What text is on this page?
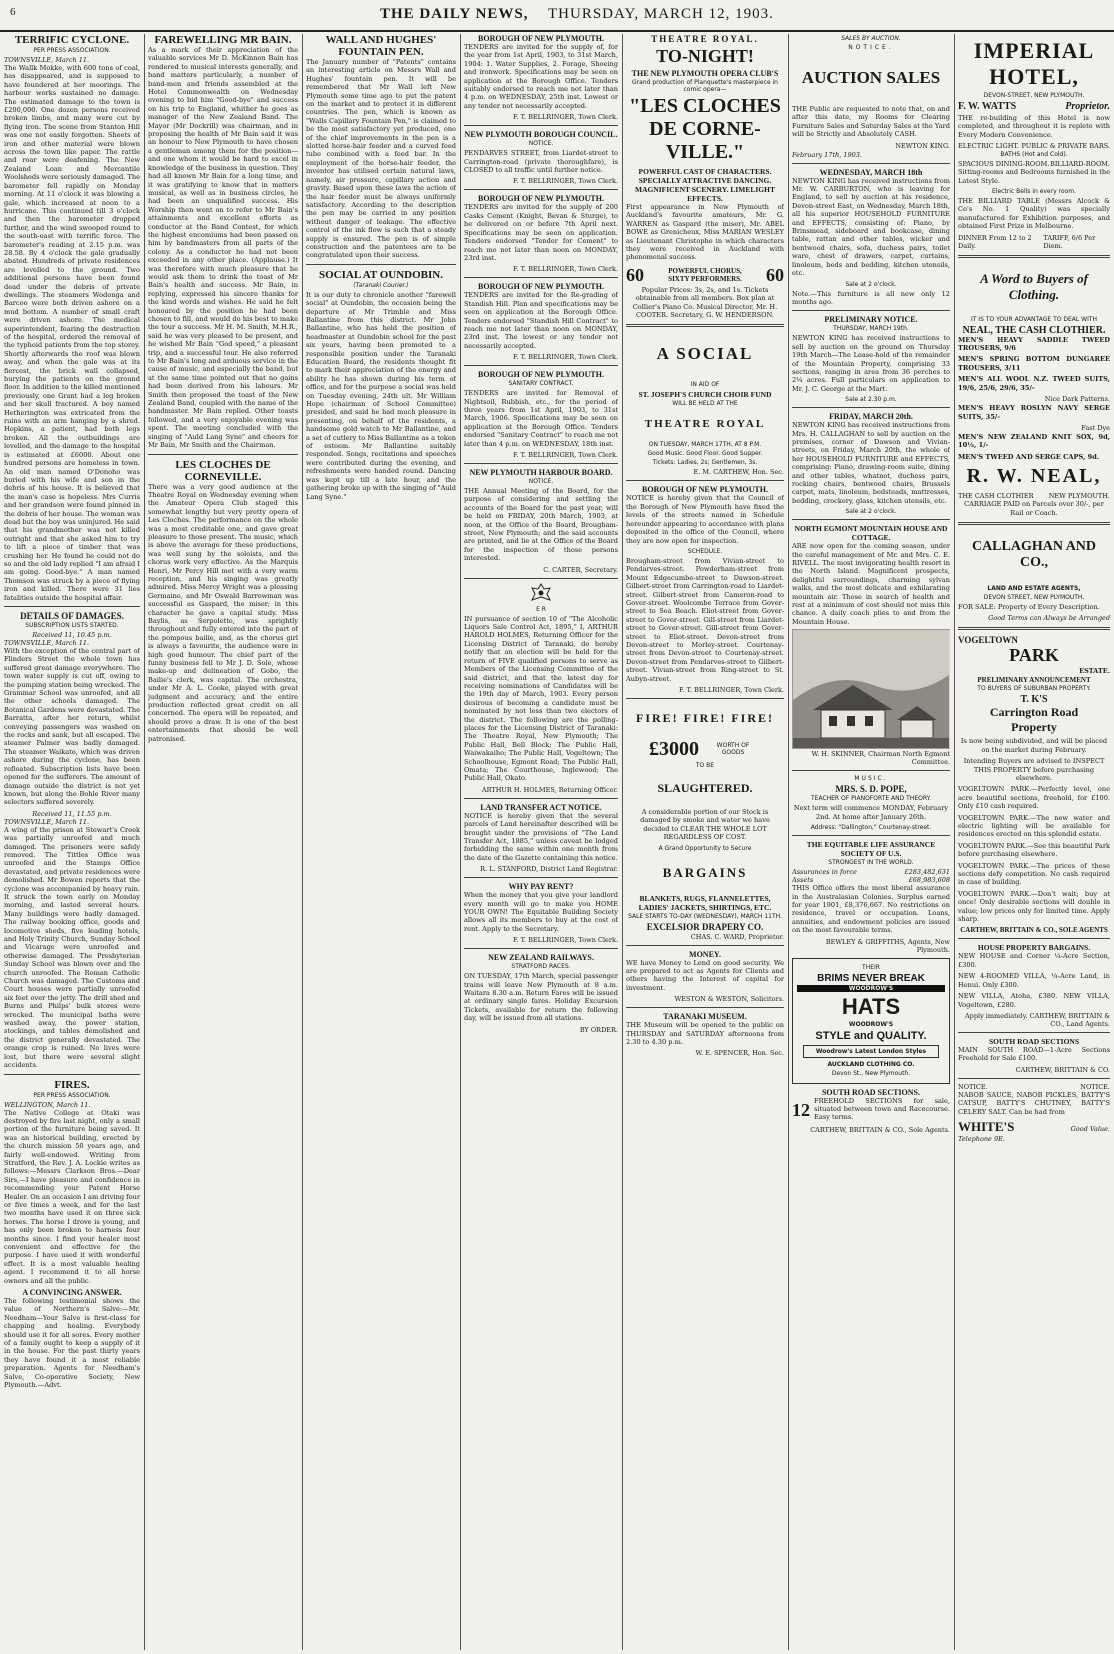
6	THE DAILY NEWS, THURSDAY, MARCH 12, 1903.

TERRIFIC CYCLONE.

PER PRESS ASSOCIATION.

TOWNSVILLE, March 11.

The Wallk Mokke, with 600 tons of coal, has disappeared, and is supposed to have foundered at her moorings. The harbour works sustained no damage. The estimated damage to the town is £200,000. One dozen persons received broken limbs, and many were cut by flying iron. The scene from Stanton Hill was one not easily forgotten. Sheets of iron and other material were blown across the town like paper. The rattle and roar were deafening. The New Zealand Loan and Mercantile Woolsheds were seriously damaged. The barometer fell rapidly on Monday morning. At 11 o'clock it was blowing a gale, which increased at noon to a hurricane. This continued till 3 o'clock and then the barometer dropped further, and the wind swooped round to the south-east with terrific force. The barometer's reading at 2.15 p.m. was 28.58. By 4 o'clock the gale gradually abated. Hundreds of private residences are levelled to the ground. Two additional persons have been found dead under the debris of private dwellings. The steamers Wodonga and Barcoo were both driven ashore on a mud bottom. A number of small craft were driven ashore. The medical superintendent, fearing the destruction of the hospital, ordered the removal of the typhoid patients from the top storey. Shortly afterwards the roof was blown away, and when the gale was at its fiercest, the brick wall collapsed, burying the patients on the ground floor. In addition to the killed mentioned previously, one Grant had a leg broken and her skull fractured. A boy named Hetherington was extricated from the ruins with an arm hanging by a shred. Hopkins, a patient, had both legs broken. All the outbuildings are levelled, and the damage to the hospital is estimated at £6000. About one hundred persons are homeless in town. An old man named O'Donoho was buried with his wife and son in the debris of his house. It is believed that the man's case is hopeless. Mrs Curris and her grandson were found pinned in the debris of her house. The woman was dead but the boy was uninjured. He said that his grandmother was not killed outright and that she asked him to try to lift a piece of timber that was crushing her. He found he could not do so and the old lady replied "I am afraid I am going. Good-bye." A man named Thomson was struck by a piece of flying iron and killed. There were 31 lies fatalities outside the hospital affair.

DETAILS OF DAMAGES.

SUBSCRIPTION LISTS STARTED.

Received 11, 10.45 p.m.

TOWNSVILLE, March 11.

With the exception of the central part of Flinders Street the whole town has suffered great damage everywhere. The town water supply is cut off, owing to the pumping station being wrecked. The Grammar School was unroofed, and all the other schools damaged. The Botanical Gardens were devastated. The Barratta, after her return, whilst conveying passengers was washed on the rocks and sank, but all escaped. The steamer Palmer was badly damaged. The steamer Waikato, which was driven ashore during the cyclone, has been refloated. Subscription lists have been opened for the sufferers. The amount of damage outside the district is not yet known, but along the Bohle River many selectors suffered severely.

Received 11, 11.55 p.m.

TOWNSVILLE, March 11.

A wing of the prison at Stewart's Creek was partially unroofed and much damaged. The prisoners were safely removed. The Tittles Office was unroofed and the Stamps Office devastated, and private residences were demolished. Mr Bowen reports that the cyclone was accompanied by heavy rain. It struck the town early on Monday morning, and lasted several hours. Many buildings were badly damaged. The railway booking office, goods and locomotive sheds, five leading hotels, and Holy Trinity Church, Sunday School and Vicarage were unroofed and otherwise damaged. The Presbyterian Sunday School was blown over and the church unroofed. The Roman Catholic Church was damaged. The Customs and Court houses were partially unroofed six feet over the jetty. The drill shed and Burns and Philps' bulk stores were wrecked. The municipal baths were washed away, the power station, stockings, and tables demolished and the district generally devastated. The orange crop is ruined. No lives were lost, but there were several slight accidents.

FIRES.

PER PRESS ASSOCIATION.

WELLINGTON, March 11.

The Native College at Otaki was destroyed by fire last night, only a small portion of the furniture being saved. It was an historical building, erected by the church mission 50 years ago, and fairly well-endowed. Writing from Stratford, the Rev. J. A. Lockie writes as follows:—Messrs Clarkson Bros.—Dear Sirs,—I have pleasure and confidence in recommending your Patent Horse Healer. On an occasion I am driving four or five times a week, and for the last two months have used it on three sick horses. The horse I drove is young, and has only been broken to harness four months since. I find your healer most convenient and effective for the purpose. I have used it with wonderful effect. It is a most valuable healing agent. I recommend it to all horse owners and all the public.

A CONVINCING ANSWER.

The following testimonial shows the value of Northern's Salve:—Mr. Needham—Your Salve is first-class for chapping and healing. Everybody should use it for all sores. Every mother of a family ought to keep a supply of it in the house. For the past thirty years they have found it a most reliable preparation. Agents for Needham's Salve, Co-operative Society, New Plymouth.—Advt.

FAREWELLING MR BAIN.

As a mark of their appreciation of the valuable services Mr D. McKinnon Bain has rendered to musical interests generally, and band matters particularly, a number of band-men and friends assembled at the Hotel Commonwealth on Wednesday evening to bid him "Good-bye" and success on his trip to England, whither he goes as manager of the New Zealand Band. The Mayor (Mr Dockrill) was chairman, and in proposing the health of Mr Bain said it was an honour to New Plymouth to have chosen a gentleman among them for the position—and one whom it would be hard to excel in knowledge of the business in question. They had all known Mr Bain for a long time, and it was gratifying to know that in matters musical, as well as in business circles, he had been an unqualified success. His Worship then went on to refer to Mr Bain's attainments and excellent efforts as conductor at the Band Contest, for which the highest encomiums had been passed on him by bandmasters from all parts of the colony. As a conductor he had not been exceeded in any other place. (Applause.) It was therefore with much pleasure that he would ask them to drink the toast of Mr Bain's health and success. Mr Bain, in replying, expressed his sincere thanks for the kind words and wishes. He said he felt honoured by the position he had been chosen to fill, and would do his best to make the tour a success. Mr H. M. Smith, M.H.R., said he was very pleased to be present, and he wished Mr Bain "God speed," a pleasant trip, and a successful tour. He also referred to Mr Bain's long and arduous service in the cause of music, and especially the band, but at the same time pointed out that no gains had been derived from his labours. Mr Smith then proposed the toast of the New Zealand Band, coupled with the name of the bandmaster. Mr Bain replied. Other toasts followed, and a very enjoyable evening was spent. The meeting concluded with the singing of "Auld Lang Syne" and cheers for Mr Bain, Mr Smith and the Chairman.

LES CLOCHES DE CORNEVILLE.

There was a very good audience at the Theatre Royal on Wednesday evening when the Amateur Opera Club staged this somewhat lengthy but very pretty opera of Les Cloches. The performance on the whole was a most creditable one, and gave great pleasure to those present. The music, which is above the average for these productions, was well sung by the soloists, and the chorus work very effective. As the Marquis Henri, Mr Percy Hill met with a very warm reception, and his singing was greatly admired. Miss Mercy Wright was a pleasing Germaine, and Mr Oswald Barrowman was successful as Gaspard, the miser; in this character he gave a capital study. Miss Baylis, as Serpolette, was sprightly throughout and fully entered into the part of the pompous bailie, and, as the chorus girl is always a favourite, the audience were in high good humour. The chief part of the funny business fell to Mr J. D. Sole, whose make-up and delineation of Gobo, the Bailie's clerk, was capital. The orchestra, under Mr A. L. Cooke, played with great judgment and accuracy, and the entire production reflected great credit on all concerned. The opera will be repeated, and should prove a draw. It is one of the best entertainments that should be well patronised.

WALL AND HUGHES' FOUNTAIN PEN.

The January number of "Patents" contains an interesting article on Messrs Wall and Hughes' fountain pen. It will be remembered that Mr Wall left New Plymouth some time ago to put the patent on the market and to protect it in different countries. The pen, which is known as "Walls Capillary Fountain Pen," is claimed to be the most satisfactory yet produced, one of the chief improvements in the pen is a slotted horse-hair feeder and a curved feed tube combined with a feed bar. In the employment of the horse-hair feeder, the inventor has utilised certain natural laws, namely, air pressure, capillary action and gravity. Based upon these laws the action of the hair feeder must be always uniformly satisfactory. According to the description the pen may be carried in any position without danger of leakage. The effective control of the ink flow is such that a steady supply is ensured. The pen is of simple construction and the patentees are to be congratulated upon their success.

SOCIAL AT OUNDOBIN.

(Taranaki Courier.)

It is our duty to chronicle another "farewell social" at Oundobin, the occasion being the departure of Mr Trimble and Miss Ballantine from this district. Mr John Ballantine, who has held the position of headmaster at Oundobin school for the past six years, having been promoted to a responsible position under the Taranaki Education Board, the residents thought fit to mark their appreciation of the energy and ability he has shown during his term of office, and for the purpose a social was held on Tuesday evening, 24th ult. Mr William Hope (chairman of School Committee) presided, and said he had much pleasure in presenting, on behalf of the residents, a handsome gold watch to Mr Ballantine, and a set of cutlery to Miss Ballantine as a token of esteem. Mr Ballantine suitably responded. Songs, recitations and speeches were contributed during the evening, and refreshments were handed round. Dancing was kept up till a late hour, and the gathering broke up with the singing of "Auld Lang Syne."

BOROUGH OF NEW PLYMOUTH.

TENDERS are invited for the supply of, for the year from 1st April, 1903, to 31st March, 1904: 1. Water Supplies, 2. Forage, Shoeing and ironwork. Specifications may be seen on application at the Borough Office. Tenders suitably endorsed to reach me not later than 4 p.m. on WEDNESDAY, 25th inst. Lowest or any tender not necessarily accepted.

F. T. BELLRINGER, Town Clerk.

NEW PLYMOUTH BOROUGH COUNCIL.

NOTICE.

PENDARVES STREET, from Liardet-street to Carrington-road (private thoroughfare), is CLOSED to all traffic until further notice.

F. T. BELLRINGER, Town Clerk.

BOROUGH OF NEW PLYMOUTH.

TENDERS are invited for the supply of 200 Casks Cement (Knight, Bevan & Sturge), to be delivered on or before 7th April next. Specifications may be seen on application. Tenders endorsed "Tender for Cement" to reach me not later than noon on MONDAY, 23rd inst.

F. T. BELLRINGER, Town Clerk.

BOROUGH OF NEW PLYMOUTH.

TENDERS are invited for the Re-grading of Standish Hill. Plan and specifications may be seen on application at the Borough Office. Tenders endorsed "Standish Hill Contract" to reach me not later than noon on MONDAY, 23rd inst. The lowest or any tender not necessarily accepted.

F. T. BELLRINGER, Town Clerk.

BOROUGH OF NEW PLYMOUTH.

SANITARY CONTRACT.

TENDERS are invited for Removal of Nightsoil, Rubbish, etc., for the period of three years from 1st April, 1903, to 31st March, 1906. Specifications may be seen on application at the Borough Office. Tenders endorsed "Sanitary Contract" to reach me not later than 4 p.m. on WEDNESDAY, 18th inst.

F. T. BELLRINGER, Town Clerk.

NEW PLYMOUTH HARBOUR BOARD.

NOTICE.

THE Annual Meeting of the Board, for the purpose of considering and settling the accounts of the Board for the past year, will be held on FRIDAY, 20th March, 1903, at noon, at the Office of the Board, Brougham-street, New Plymouth; and the said accounts are printed, and lie at the Office of the Board for the inspection of those persons interested.

C. CARTER, Secretary.

E R

IN pursuance of section 10 of "The Alcoholic Liquors Sale Control Act, 1895," I, ARTHUR HAROLD HOLMES, Returning Officer for the Licensing District of Taranaki, do hereby notify that an election will be held for the return of FIVE qualified persons to serve as Members of the Licensing Committee of the said district, and that the latest day for receiving nominations of Candidates will be the 19th day of March, 1903. Every person desirous of becoming a candidate must be nominated by not less than two electors of the district. The following are the polling-places for the Licensing District of Taranaki: The Theatre Royal, New Plymouth; The Public Hall, Bell Block; The Public Hall, Waiwakaiho; The Public Hall, Vogeltown; The Schoolhouse, Egmont Road; The Public Hall, Omata; The Courthouse, Inglewood; The Public Hall, Okato.

ARTHUR H. HOLMES, Returning Officer.

LAND TRANSFER ACT NOTICE.

NOTICE is hereby given that the several parcels of Land hereinafter described will be brought under the provisions of "The Land Transfer Act, 1885," unless caveat be lodged forbidding the same within one month from the date of the Gazette containing this notice.

R. L. STANFORD, District Land Registrar.

WHY PAY RENT?

When the money that you give your landlord every month will go to make you HOME YOUR OWN! The Equitable Building Society allows all its members to buy at the cost of rent. Apply to the Secretary.

F. T. BELLRINGER, Town Clerk.

NEW ZEALAND RAILWAYS.

STRATFORD RACES.

ON TUESDAY, 17th March, special passenger trains will leave New Plymouth at 8 a.m. Waitara 8.30 a.m. Return Fares will be issued at ordinary single fares. Holiday Excursion Tickets, available for return the following day, will be issued from all stations.

BY ORDER.

THEATRE ROYAL.

TO-NIGHT!

THE NEW PLYMOUTH OPERA CLUB'S

Grand production of Planquette's masterpiece in comic opera—

"LES CLOCHES

DE CORNE-

VILLE."

POWERFUL CAST OF CHARACTERS. SPECIALLY ATTRACTIVE DANCING. MAGNIFICENT SCENERY. LIMELIGHT EFFECTS.

First appearance in New Plymouth of Auckland's favourite amateurs, Mr. G. WARREN as Gaspard (the miser), Mr. ABEL BOWE as Grenicheux, Miss MARIAN WESLEY as Lieutenant Christophe in which characters they were received in Auckland with phenomenal success.

60	POWERFUL CHORUS, SIXTY PERFORMERS.	60

Popular Prices: 3s, 2s, and 1s. Tickets obtainable from all members. Box plan at Collier's Piano Co. Musical Director, Mr. H. COOTER. Secretary, G. W. HENDERSON.

A SOCIAL

IN AID OF

ST. JOSEPH'S CHURCH CHOIR FUND

WILL BE HELD AT THE

THEATRE ROYAL

ON TUESDAY, MARCH 17TH, AT 8 P.M.

Good Music. Good Floor. Good Supper.

Tickets: Ladies, 2s; Gentlemen, 3s.

E. M. CARTHEW, Hon. Sec.

BOROUGH OF NEW PLYMOUTH.

NOTICE is hereby given that the Council of the Borough of New Plymouth have fixed the levels of the streets named in Schedule hereunder appearing to accordance with plans deposited in the office of the Council, where they are now open for inspection.

SCHEDULE.

Brougham-street from Vivian-street to Pendarves-street. Powderham-street from Mount Edgecumbe-street to Dawson-street. Gilbert-street from Carrington-road to Liardet-street. Gilbert-street from Cameron-road to Gover-street. Woolcombe Terrace from Gover-street to Sea Beach. Eliot-street from Gover-street to Gover-street. Gill-street from Liardet-street to Gover-street. Gill-street from Gover-street to Eliot-street. Devon-street from Devon-street to Morley-street. Courtenay-street from Devon-street to Courtenay-street. Devon-street from Pendarves-street to Gilbert-street. Vivian-street from Ring-street to St. Aubyn-street.

F. T. BELLRINGER, Town Clerk.

FIRE! FIRE! FIRE!

£3000	WORTH OF GOODS

TO BE

SLAUGHTERED.

A considerable portion of our Stock is damaged by smoke and water we have decided to CLEAR THE WHOLE LOT REGARDLESS OF COST.

A Grand Opportunity to Secure

BARGAINS

BLANKETS, RUGS, FLANNELETTES, LADIES' JACKETS, SHIRTINGS, ETC.

SALE STARTS TO-DAY (WEDNESDAY), MARCH 11TH.

EXCELSIOR DRAPERY CO.

CHAS. C. WARD, Proprietor.

MONEY.

WE have Money to Lend on good security. We are prepared to act as Agents for Clients and others having the Interest of capital for investment.

WESTON & WESTON, Solicitors.

TARANAKI MUSEUM.

THE Museum will be opened to the public on THURSDAY and SATURDAY afternoons from 2.30 to 4.30 p.m.

W. E. SPENCER, Hon. Sec.

SALES BY AUCTION.

NOTICE.

AUCTION SALES

THE Public are requested to note that, on and after this date, my Rooms for Clearing Furniture Sales and Saturday Sales at the Yard will be Strictly and Absolutely CASH.

NEWTON KING.

February 17th, 1903.

WEDNESDAY, MARCH 18th

NEWTON KING has received instructions from Mr. W. CARBURTON, who is leaving for England, to sell by auction at his residence, Devon-street East, on Wednesday, March 18th, all his superior HOUSEHOLD FURNITURE and EFFECTS, consisting of: Piano, by Brinsmead, sideboard and bookcase, dining table, rattan and other tables, wicker and bentwood chairs, sofa, duchess pairs, toilet ware, chest of drawers, carpet, curtains, linoleum, beds and bedding, kitchen utensils, etc.

Sale at 2 o'clock.

Note.—This furniture is all new only 12 months ago.

PRELIMINARY NOTICE.

THURSDAY, MARCH 19th.

NEWTON KING has received instructions to sell by auction on the ground on Thursday 19th March—The Lease-hold of the remainder of the Mountain Property, comprising 33 sections, ranging in area from 36 perches to 2¼ acres. Full particulars on application to Mr. J. C. George at the Mart.

Sale at 2.30 p.m.

FRIDAY, MARCH 20th.

NEWTON KING has received instructions from Mrs. H. CALLAGHAN to sell by auction on the premises, corner of Dawson and Vivian-streets, on Friday, March 20th, the whole of her HOUSEHOLD FURNITURE and EFFECTS, comprising: Piano, drawing-room suite, dining and other tables, whatnot, duchess pairs, rocking chairs, bentwood chairs, Brussels carpet, mats, linoleum, bedsteads, mattresses, bedding, crockery, glass, kitchen utensils, etc.

Sale at 2 o'clock.

NORTH EGMONT MOUNTAIN HOUSE AND COTTAGE.

ARE now open for the coming season, under the careful management of Mr. and Mrs. C. E. RIVELL. The most invigorating health resort in the North Island. Magnificent prospects, delightful surroundings, charming sylvan walks, and the most delicate and exhilarating mountain air. Those in search of health and rest at a minimum of cost should not miss this chance. A daily coach plies to and from the Mountain House.

W. H. SKINNER, Chairman North Egmont Committee.

MUSIC.

MRS. S. D. POPE,

TEACHER OF PIANOFORTE AND THEORY.

Next term will commence MONDAY, February 2nd. At home after January 26th.

Address: "Dallington," Courtenay-street.

THE EQUITABLE LIFE ASSURANCE SOCIETY OF U.S.

STRONGEST IN THE WORLD.

Assurances in force	£283,482,631
Assets	£68,983,608

THIS Office offers the most liberal assurance in the Australasian Colonies. Surplus earned for year 1901, £8,376,667. No restrictions on residence, travel or occupation. Loans, annuities, and endowment policies are issued on the most favourable terms.

BEWLEY & GRIFFITHS, Agents, New Plymouth.

THEIR

BRIMS NEVER BREAK

WOODROW'S

HATS

WOODROW'S

STYLE and QUALITY.

Woodrow's Latest London Styles

AUCKLAND CLOTHING CO.

Devon St., New Plymouth.

SOUTH ROAD SECTIONS.

12 FREEHOLD SECTIONS for sale, situated between town and Racecourse. Easy terms.

CARTHEW, BRITTAIN & CO., Sole Agents.

IMPERIAL HOTEL,

DEVON-STREET, NEW PLYMOUTH.

F. W. WATTS	Proprietor.

THE re-building of this Hotel is now completed, and throughout it is replete with Every Modern Convenience.

ELECTRIC LIGHT. PUBLIC & PRIVATE BARS.

BATHS (Hot and Cold).

SPACIOUS DINING-ROOM. BILLIARD-ROOM.

Sitting-rooms and Bedrooms furnished in the Latest Style.

Electric Bells in every room.

THE BILLIARD TABLE (Messrs Alcock & Co's No. 1 Quality) was specially manufactured for Exhibition purposes, and obtained First Prize in Melbourne.

DINNER From 12 to 2 Daily.
TARIFF, 6/6 Per Diem.

A Word to Buyers of Clothing.

IT IS TO YOUR ADVANTAGE TO DEAL WITH

NEAL, THE CASH CLOTHIER.

MEN'S HEAVY SADDLE TWEED TROUSERS, 9/6

MEN'S SPRING BOTTOM DUNGAREE TROUSERS, 3/11

MEN'S ALL WOOL N.Z. TWEED SUITS, 19/6, 25/6, 29/6, 35/-

Nice Dark Patterns.

MEN'S HEAVY ROSLYN NAVY SERGE SUITS, 35/-

Fast Dye

MEN'S NEW ZEALAND KNIT SOX, 9d, 10½, 1/-

MEN'S TWEED AND SERGE CAPS, 9d.

R. W. NEAL,

THE CASH CLOTHIER NEW PLYMOUTH.

CARRIAGE PAID on Parcels over 30/-, per Rail or Coach.

CALLAGHAN AND CO.,

LAND AND ESTATE AGENTS,

DEVON STREET, NEW PLYMOUTH.

FOR SALE: Property of Every Description.

Good Terms can Always be Arranged

VOGELTOWN

PARK

ESTATE.

PRELIMINARY ANNOUNCEMENT

TO BUYERS OF SUBURBAN PROPERTY.

T. K'S

Carrington Road

Property

Is now being subdivided, and will be placed on the market during February.

Intending Buyers are advised to INSPECT THIS PROPERTY before purchasing elsewhere.

VOGELTOWN PARK.—Perfectly level, one acre beautiful sections, freehold, for £100. Only £10 cash required.

VOGELTOWN PARK.—The new water and electric lighting will be available for residences erected on this splendid estate.

VOGELTOWN PARK.—See this beautiful Park before purchasing elsewhere.

VOGELTOWN PARK.—The prices of these sections defy competition. No cash required in case of building.

VOGELTOWN PARK.—Don't wait; buy at once! Only desirable sections will double in value; low prices only for limited time. Apply sharp.

CARTHEW, BRITTAIN & CO., SOLE AGENTS

HOUSE PROPERTY BARGAINS.

NEW HOUSE and Corner ¼-Acre Section, £300.

NEW 4-ROOMED VILLA, ¼-Acre Land, in Henui. Only £300.

NEW VILLA, Atoha, £380. NEW VILLA, Vogeltown, £280.

Apply immediately. CARTHEW, BRITTAIN & CO., Land Agents.

SOUTH ROAD SECTIONS

MAIN SOUTH ROAD—1-Acre Sections Freehold for Sale £100.

CARTHEW, BRITTAIN & CO.

NOTICE.	NOTICE.

NABOB SAUCE, NABOB PICKLES, BATTY'S CATSUP, BATTY'S CHUTNEY, BATTY'S CELERY SALT. Can be had from

WHITE'S	Good Value.

Telephone 9E.
